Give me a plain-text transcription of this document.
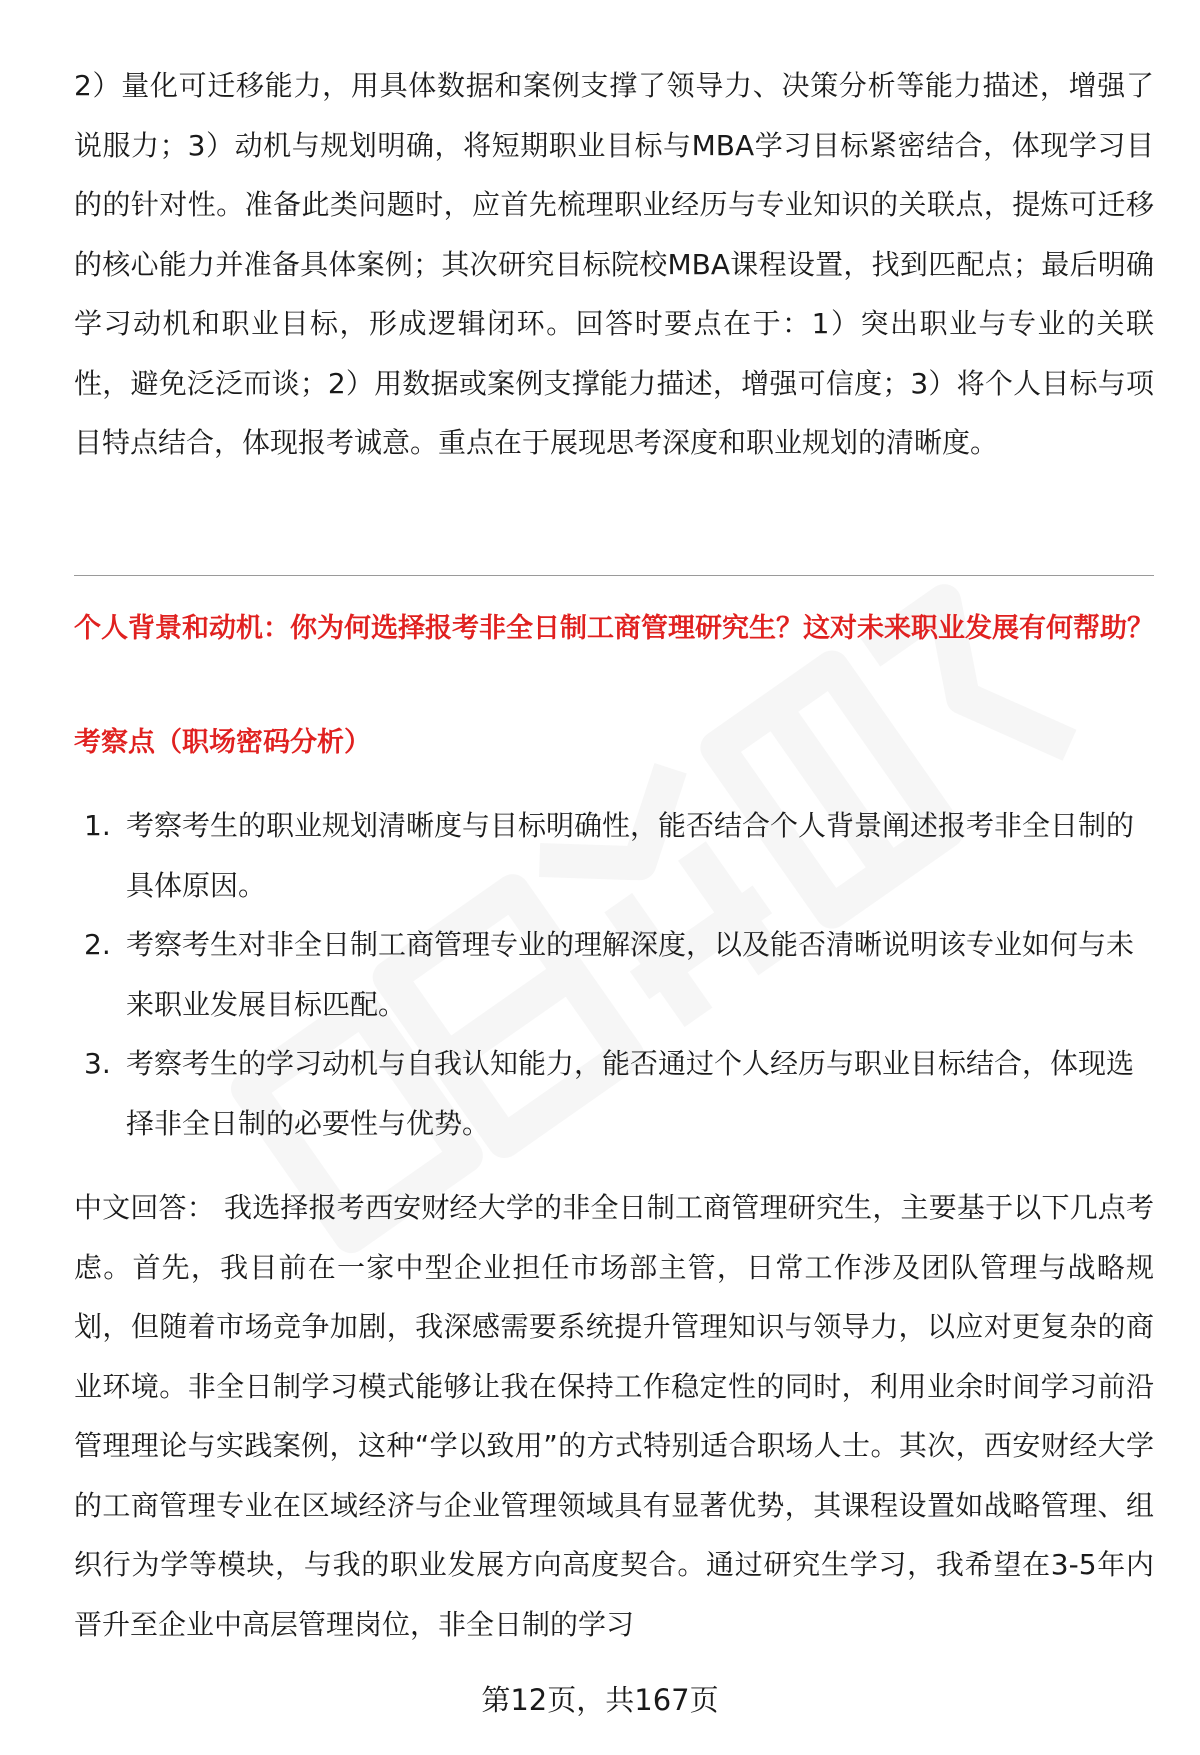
2）量化可迁移能力，用具体数据和案例支撑了领导力、决策分析等能力描述，增强了说服力；3）动机与规划明确，将短期职业目标与MBA学习目标紧密结合，体现学习目的的针对性。准备此类问题时，应首先梳理职业经历与专业知识的关联点，提炼可迁移的核心能力并准备具体案例；其次研究目标院校MBA课程设置，找到匹配点；最后明确学习动机和职业目标，形成逻辑闭环。回答时要点在于：1）突出职业与专业的关联性，避免泛泛而谈；2）用数据或案例支撑能力描述，增强可信度；3）将个人目标与项目特点结合，体现报考诚意。重点在于展现思考深度和职业规划的清晰度。

个人背景和动机：你为何选择报考非全日制工商管理研究生？这对未来职业发展有何帮助？
考察点（职场密码分析）
1. 考察考生的职业规划清晰度与目标明确性，能否结合个人背景阐述报考非全日制的具体原因。
2. 考察考生对非全日制工商管理专业的理解深度，以及能否清晰说明该专业如何与未来职业发展目标匹配。
3. 考察考生的学习动机与自我认知能力，能否通过个人经历与职业目标结合，体现选择非全日制的必要性与优势。

中文回答： 我选择报考西安财经大学的非全日制工商管理研究生，主要基于以下几点考虑。首先，我目前在一家中型企业担任市场部主管，日常工作涉及团队管理与战略规划，但随着市场竞争加剧，我深感需要系统提升管理知识与领导力，以应对更复杂的商业环境。非全日制学习模式能够让我在保持工作稳定性的同时，利用业余时间学习前沿管理理论与实践案例，这种“学以致用”的方式特别适合职场人士。其次，西安财经大学的工商管理专业在区域经济与企业管理领域具有显著优势，其课程设置如战略管理、组织行为学等模块，与我的职业发展方向高度契合。通过研究生学习，我希望在3-5年内晋升至企业中高层管理岗位，非全日制的学习

第12页，共167页
